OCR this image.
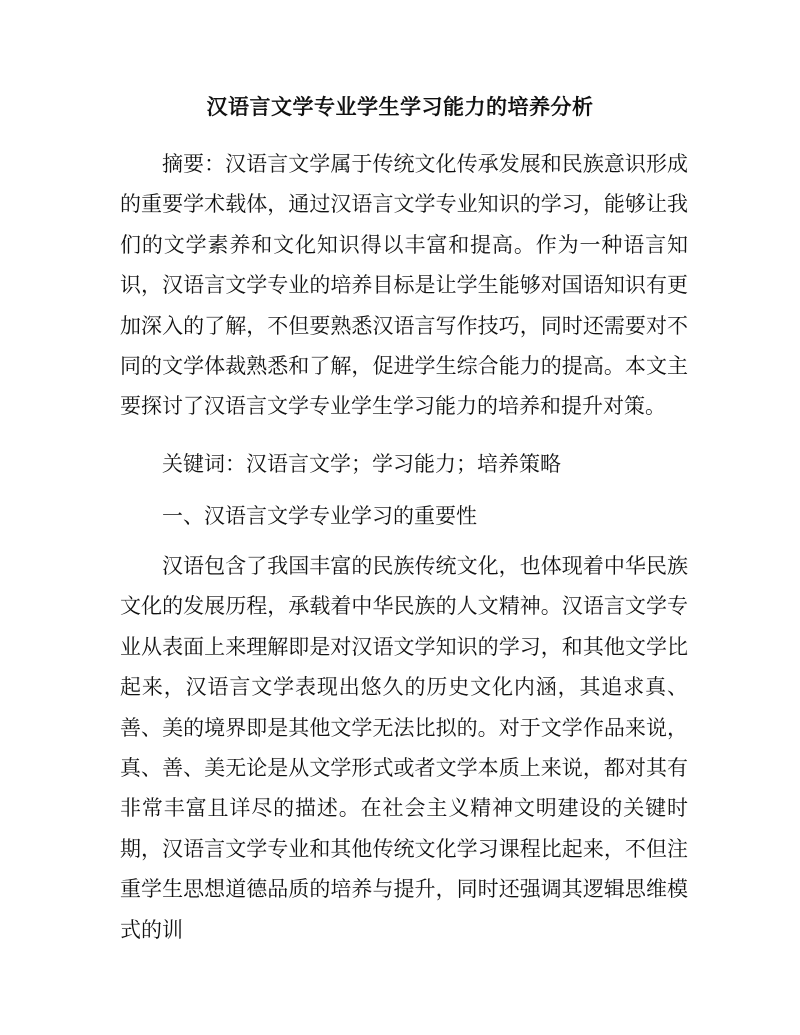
汉语言文学专业学生学习能力的培养分析

摘要：汉语言文学属于传统文化传承发展和民族意识形成的重要学术载体，通过汉语言文学专业知识的学习，能够让我们的文学素养和文化知识得以丰富和提高。作为一种语言知识，汉语言文学专业的培养目标是让学生能够对国语知识有更加深入的了解，不但要熟悉汉语言写作技巧，同时还需要对不同的文学体裁熟悉和了解，促进学生综合能力的提高。本文主要探讨了汉语言文学专业学生学习能力的培养和提升对策。

关键词：汉语言文学；学习能力；培养策略
一、汉语言文学专业学习的重要性

汉语包含了我国丰富的民族传统文化，也体现着中华民族文化的发展历程，承载着中华民族的人文精神。汉语言文学专业从表面上来理解即是对汉语文学知识的学习，和其他文学比起来，汉语言文学表现出悠久的历史文化内涵，其追求真、善、美的境界即是其他文学无法比拟的。对于文学作品来说，真、善、美无论是从文学形式或者文学本质上来说，都对其有非常丰富且详尽的描述。在社会主义精神文明建设的关键时期，汉语言文学专业和其他传统文化学习课程比起来，不但注重学生思想道德品质的培养与提升，同时还强调其逻辑思维模式的训
